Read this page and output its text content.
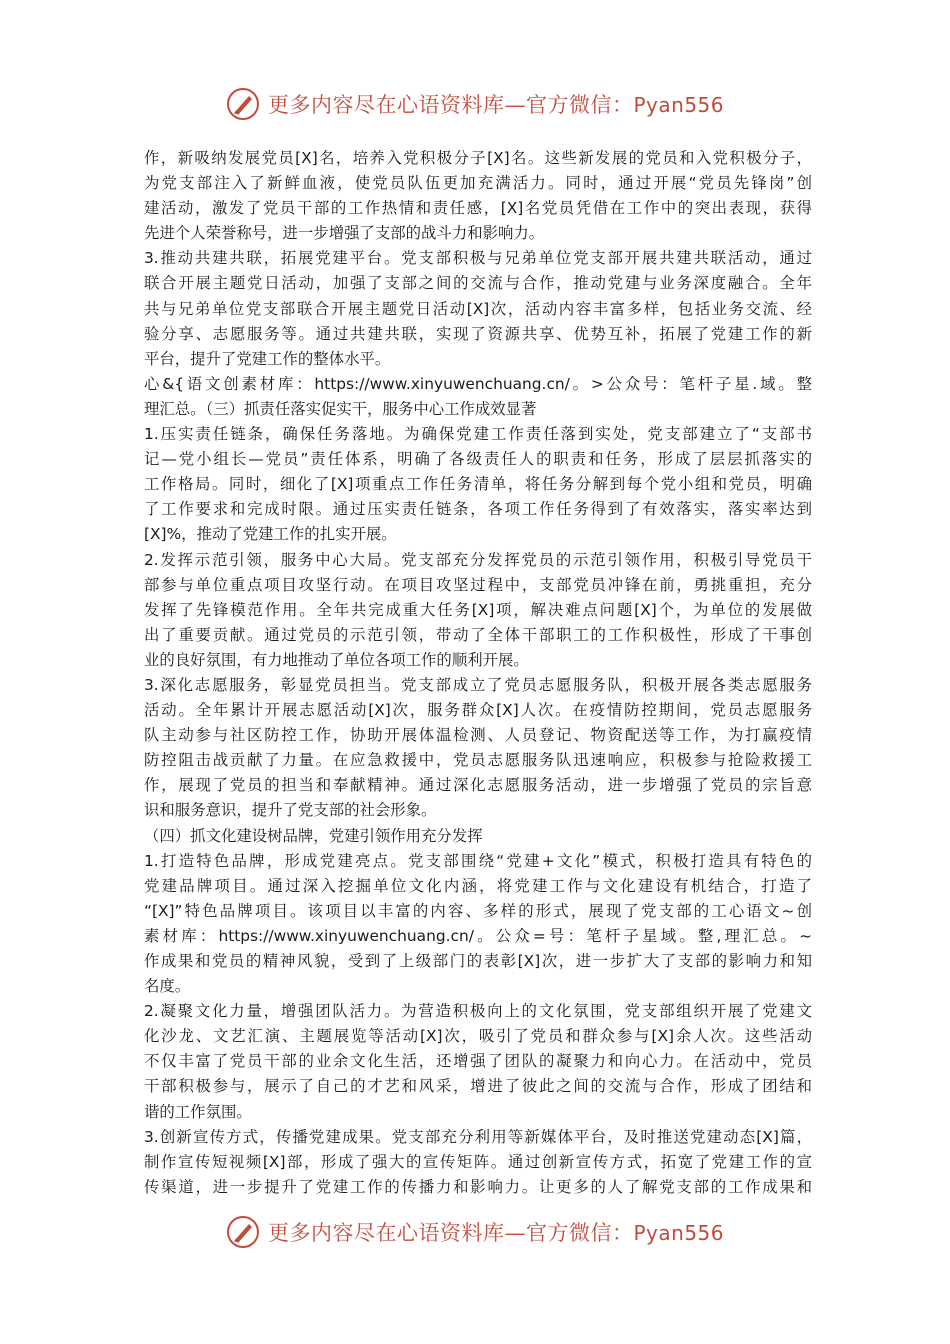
更多内容尽在心语资料库—官方微信：Pyan556
作，新吸纳发展党员[X]名，培养入党积极分子[X]名。这些新发展的党员和入党积极分子，
为党支部注入了新鲜血液，使党员队伍更加充满活力。同时，通过开展“党员先锋岗”创
建活动，激发了党员干部的工作热情和责任感，[X]名党员凭借在工作中的突出表现，获得
先进个人荣誉称号，进一步增强了支部的战斗力和影响力。
3.推动共建共联，拓展党建平台。党支部积极与兄弟单位党支部开展共建共联活动，通过
联合开展主题党日活动，加强了支部之间的交流与合作，推动党建与业务深度融合。全年
共与兄弟单位党支部联合开展主题党日活动[X]次，活动内容丰富多样，包括业务交流、经
验分享、志愿服务等。通过共建共联，实现了资源共享、优势互补，拓展了党建工作的新
平台，提升了党建工作的整体水平。
心&{语文创素材库：https://www.xinyuwenchuang.cn/。>公众号：笔杆子星.域。整
理汇总。（三）抓责任落实促实干，服务中心工作成效显著
1.压实责任链条，确保任务落地。为确保党建工作责任落到实处，党支部建立了“支部书
记—党小组长—党员”责任体系，明确了各级责任人的职责和任务，形成了层层抓落实的
工作格局。同时，细化了[X]项重点工作任务清单，将任务分解到每个党小组和党员，明确
了工作要求和完成时限。通过压实责任链条，各项工作任务得到了有效落实，落实率达到
[X]%，推动了党建工作的扎实开展。
2.发挥示范引领，服务中心大局。党支部充分发挥党员的示范引领作用，积极引导党员干
部参与单位重点项目攻坚行动。在项目攻坚过程中，支部党员冲锋在前，勇挑重担，充分
发挥了先锋模范作用。全年共完成重大任务[X]项，解决难点问题[X]个，为单位的发展做
出了重要贡献。通过党员的示范引领，带动了全体干部职工的工作积极性，形成了干事创
业的良好氛围，有力地推动了单位各项工作的顺利开展。
3.深化志愿服务，彰显党员担当。党支部成立了党员志愿服务队，积极开展各类志愿服务
活动。全年累计开展志愿活动[X]次，服务群众[X]人次。在疫情防控期间，党员志愿服务
队主动参与社区防控工作，协助开展体温检测、人员登记、物资配送等工作，为打赢疫情
防控阻击战贡献了力量。在应急救援中，党员志愿服务队迅速响应，积极参与抢险救援工
作，展现了党员的担当和奉献精神。通过深化志愿服务活动，进一步增强了党员的宗旨意
识和服务意识，提升了党支部的社会形象。
（四）抓文化建设树品牌，党建引领作用充分发挥
1.打造特色品牌，形成党建亮点。党支部围绕“党建+文化”模式，积极打造具有特色的
党建品牌项目。通过深入挖掘单位文化内涵，将党建工作与文化建设有机结合，打造了
“[X]”特色品牌项目。该项目以丰富的内容、多样的形式，展现了党支部的工心语文~创
素材库：https://www.xinyuwenchuang.cn/。公众=号：笔杆子星域。整,理汇总。~
作成果和党员的精神风貌，受到了上级部门的表彰[X]次，进一步扩大了支部的影响力和知
名度。
2.凝聚文化力量，增强团队活力。为营造积极向上的文化氛围，党支部组织开展了党建文
化沙龙、文艺汇演、主题展览等活动[X]次，吸引了党员和群众参与[X]余人次。这些活动
不仅丰富了党员干部的业余文化生活，还增强了团队的凝聚力和向心力。在活动中，党员
干部积极参与，展示了自己的才艺和风采，增进了彼此之间的交流与合作，形成了团结和
谐的工作氛围。
3.创新宣传方式，传播党建成果。党支部充分利用等新媒体平台，及时推送党建动态[X]篇，
制作宣传短视频[X]部，形成了强大的宣传矩阵。通过创新宣传方式，拓宽了党建工作的宣
传渠道，进一步提升了党建工作的传播力和影响力。让更多的人了解党支部的工作成果和
更多内容尽在心语资料库—官方微信：Pyan556
